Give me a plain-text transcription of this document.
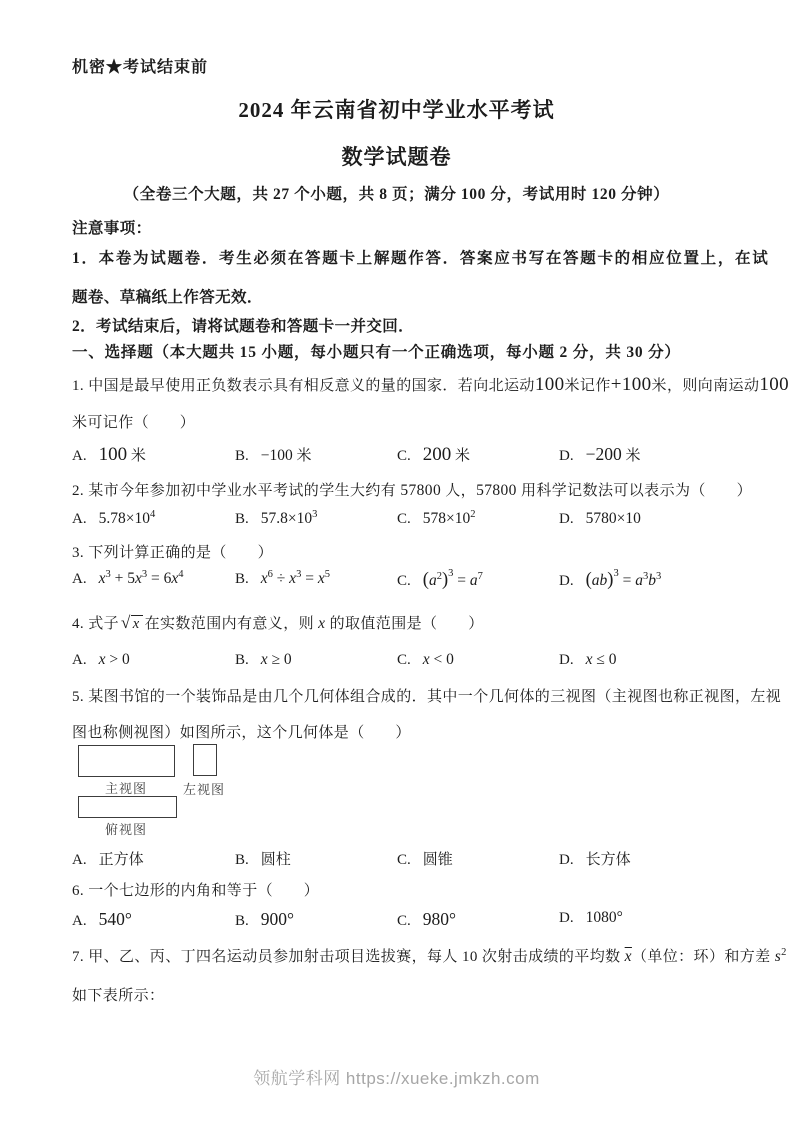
机密★考试结束前
2024 年云南省初中学业水平考试
数学试题卷
（全卷三个大题，共 27 个小题，共 8 页；满分 100 分，考试用时 120 分钟）
注意事项：
1．本卷为试题卷．考生必须在答题卡上解题作答．答案应书写在答题卡的相应位置上，在试
题卷、草稿纸上作答无效．
2．考试结束后，请将试题卷和答题卡一并交回．
一、选择题（本大题共 15 小题，每小题只有一个正确选项，每小题 2 分，共 30 分）
1. 中国是最早使用正负数表示具有相反意义的量的国家．若向北运动100米记作+100米，则向南运动100
米可记作（　　）
A. 100 米	B. −100 米	C. 200 米	D. −200 米
2. 某市今年参加初中学业水平考试的学生大约有 57800 人，57800 用科学记数法可以表示为（　　）
A. $5.78\times 10^4$	B. $57.8\times 10^3$	C. $578\times 10^2$	D. 5780×10
3. 下列计算正确的是（　　）
A. $x^3 + 5x^3 = 6x^4$	B. $x^6 \div x^3 = x^5$	C. $(a^2)^3 = a^7$	D. $(ab)^3 = a^3b^3$
4. 式子 √ x 在实数范围内有意义，则 x 的取值范围是（　　）
A. x > 0	B. x ≥ 0	C. x < 0	D. x ≤ 0
5. 某图书馆的一个装饰品是由几个几何体组合成的．其中一个几何体的三视图（主视图也称正视图，左视
图也称侧视图）如图所示，这个几何体是（　　）
主视图	左视图
俯视图
A. 正方体	B. 圆柱	C. 圆锥	D. 长方体
6. 一个七边形的内角和等于（　　）
A. 540°	B. 900°	C. 980°	D. 1080°
7. 甲、乙、丙、丁四名运动员参加射击项目选拔赛，每人 10 次射击成绩的平均数 $\overline{x}$（单位：环）和方差 $s^2$
如下表所示：
领航学科网 https://xueke.jmkzh.com
